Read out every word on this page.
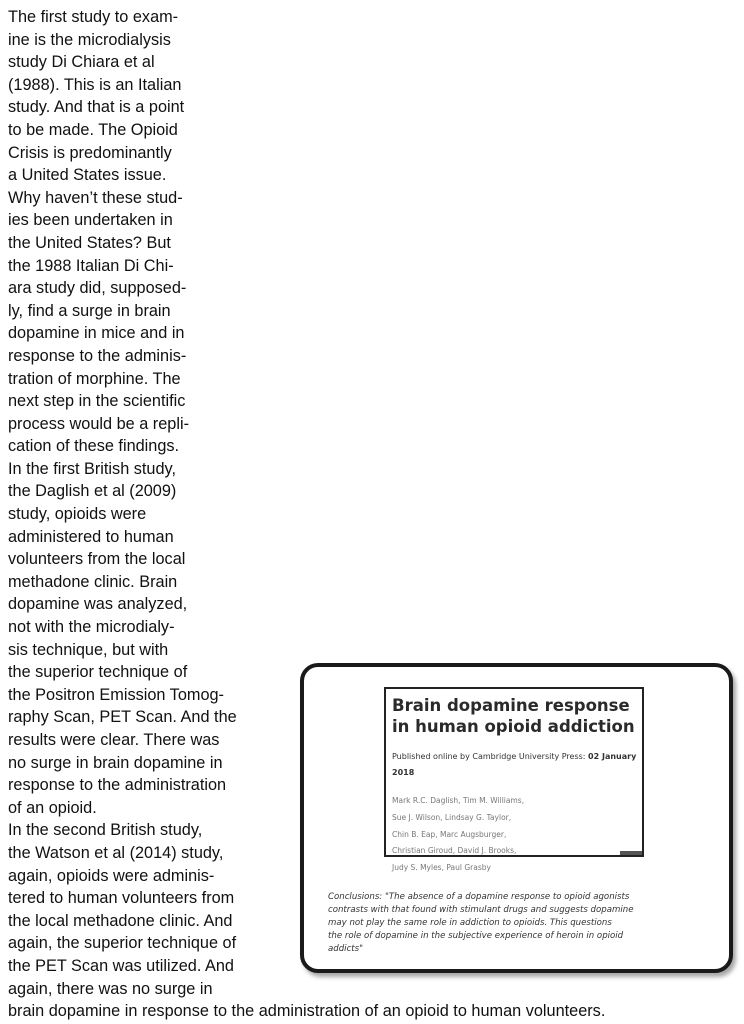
The first study to exam-
ine is the microdialysis
study Di Chiara et al
(1988). This is an Italian
study. And that is a point
to be made. The Opioid
Crisis is predominantly
a United States issue.
Why haven’t these stud-
ies been undertaken in
the United States? But
the 1988 Italian Di Chi-
ara study did, supposed-
ly, find a surge in brain
dopamine in mice and in
response to the adminis-
tration of morphine. The
next step in the scientific
process would be a repli-
cation of these findings.
In the first British study,
the Daglish et al (2009)
study, opioids were
administered to human
volunteers from the local
methadone clinic. Brain
dopamine was analyzed,
not with the microdialy-
sis technique, but with
the superior technique of
the Positron Emission Tomog-
raphy Scan, PET Scan. And the
results were clear. There was
no surge in brain dopamine in
response to the administration
of an opioid.
In the second British study,
the Watson et al (2014) study,
again, opioids were adminis-
tered to human volunteers from
the local methadone clinic. And
again, the superior technique of
the PET Scan was utilized. And
again, there was no surge in
brain dopamine in response to the administration of an opioid to human volunteers.

Brain dopamine response in human opioid addiction

Published online by Cambridge University Press: 02 January 2018

Mark R.C. Daglish, Tim M. Williams,
Sue J. Wilson, Lindsay G. Taylor,
Chin B. Eap, Marc Augsburger,
Christian Giroud, David J. Brooks,
Judy S. Myles, Paul Grasby

Conclusions: "The absence of a dopamine response to opioid agonists
contrasts with that found with stimulant drugs and suggests dopamine
may not play the same role in addiction to opioids. This questions
the role of dopamine in the subjective experience of heroin in opioid
addicts"
